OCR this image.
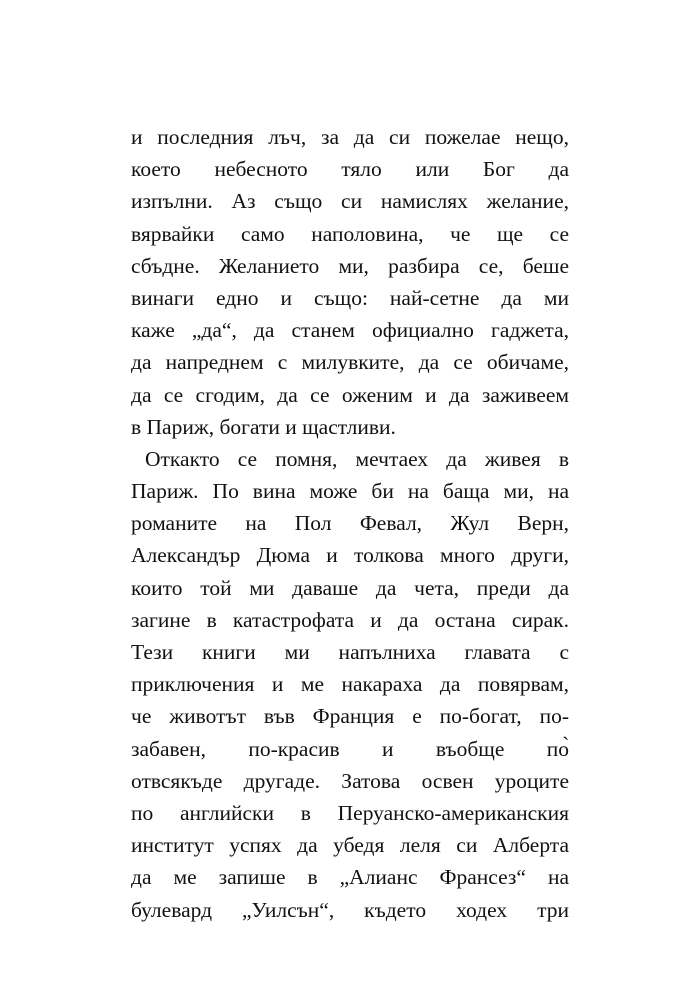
и последния лъч, за да си пожелае нещо,
което небесното тяло или Бог да
изпълни. Аз също си намислях желание,
вярвайки само наполовина, че ще се
сбъдне. Желанието ми, разбира се, беше
винаги едно и също: най-сетне да ми
каже „да“, да станем официално гаджета,
да напреднем с милувките, да се обичаме,
да се сгодим, да се оженим и да заживеем
в Париж, богати и щастливи.
Откакто се помня, мечтаех да живея в
Париж. По вина може би на баща ми, на
романите на Пол Февал, Жул Верн,
Александър Дюма и толкова много други,
които той ми даваше да чета, преди да
загине в катастрофата и да остана сирак.
Тези книги ми напълниха главата с
приключения и ме накараха да повярвам,
че животът във Франция е по-богат, по-
забавен, по-красив и въобще по̀
отвсякъде другаде. Затова освен уроците
по английски в Перуанско-американския
институт успях да убедя леля си Алберта
да ме запише в „Алианс Франсез“ на
булевард „Уилсън“, където ходех три
